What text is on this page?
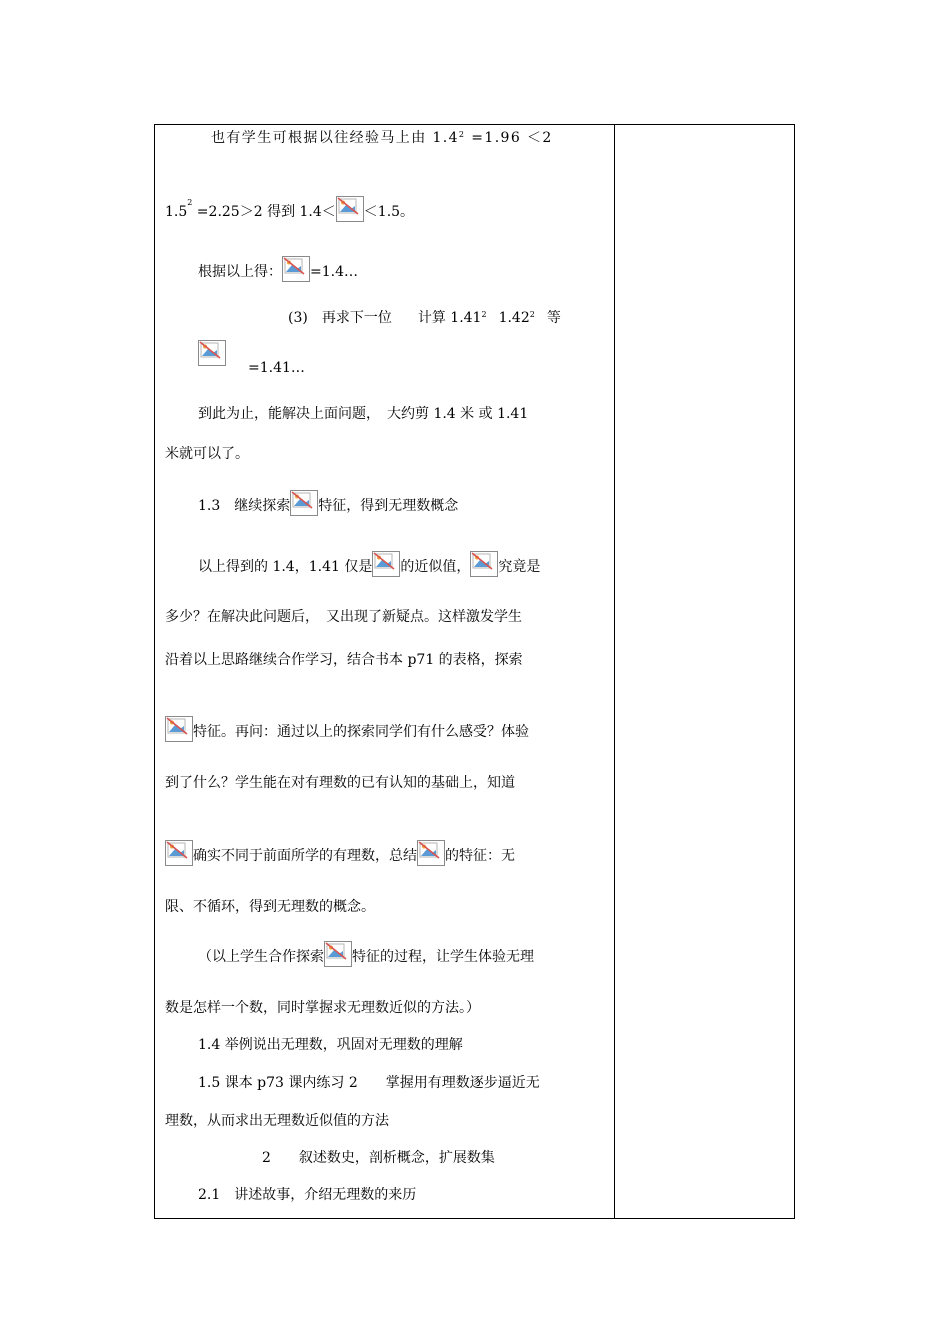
也有学生可根据以往经验马上由 $1.4^2 =1.96 <2$
$1.5^2 =2.25>2$ 得到 1.4＜ ＜1.5。
根据以上得： =1.4…
(3)　再求下一位 计算 1.41$^2$ 1.42$^2$ 等
=1.41…
到此为止，能解决上面问题，　大约剪 1.4 米 或 1.41
米就可以了。
1.3　继续探索 特征，得到无理数概念
以上得到的 1.4，1.41 仅是 的近似值， 究竟是
多少？在解决此问题后，　又出现了新疑点。这样激发学生
沿着以上思路继续合作学习，结合书本 p71 的表格，探索
特征。再问：通过以上的探索同学们有什么感受？体验
到了什么？学生能在对有理数的已有认知的基础上，知道
确实不同于前面所学的有理数，总结 的特征：无
限、不循环，得到无理数的概念。
（以上学生合作探索 特征的过程，让学生体验无理
数是怎样一个数，同时掌握求无理数近似的方法。）
1.4 举例说出无理数，巩固对无理数的理解
1.5 课本 p73 课内练习 2　　掌握用有理数逐步逼近无
理数，从而求出无理数近似值的方法
2　　叙述数史，剖析概念，扩展数集
2.1　讲述故事，介绍无理数的来历
